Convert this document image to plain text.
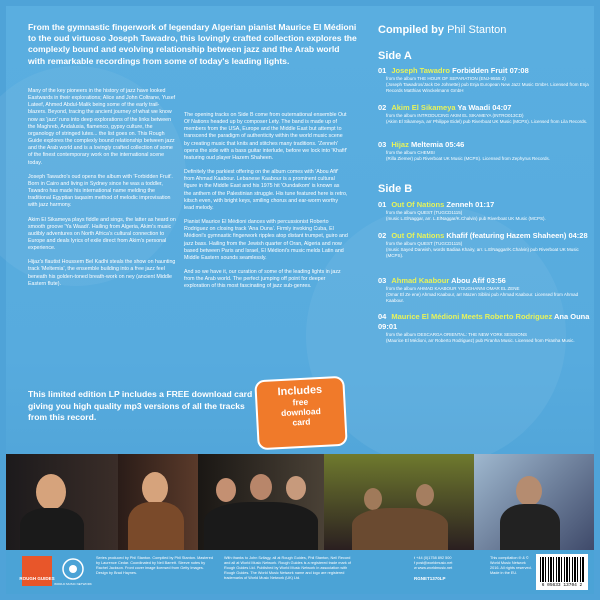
From the gymnastic fingerwork of legendary Algerian pianist Maurice El Médioni to the oud virtuoso Joseph Tawadro, this lovingly crafted collection explores the complexly bound and evolving relationship between jazz and the Arab world with remarkable recordings from some of today's leading lights.
Compiled by Phil Stanton

Many of the key pioneers in the history of jazz have looked Eastwards in their explorations; Alice and John Coltrane, Yusef Lateef, Ahmed Abdul-Malik being some of the early trail-blazers. Beyond, tracing the ancient journey of what we know now as 'jazz' runs into deep explorations of the links between the Maghreb, Andalusia, flamenco, gypsy culture, the organology of stringed lutes... the list goes on. This Rough Guide explores the complexly bound relationship between jazz and the Arab world and is a lovingly crafted collection of some of the finest contemporary work on the international scene today.

Joseph Tawadro's oud opens the album with 'Forbidden Fruit'. Born in Cairo and living in Sydney since he was a toddler, Tawadro has made his international name melding the traditional Egyptian taqasim method of melodic improvisation with jazz harmony.

Akim El Sikameya plays fiddle and sings, the latter as heard on smooth groove 'Ya Waadi'. Hailing from Algeria, Akim's music audibly adventures on North Africa's cultural connection to Europe and deals lyrics of exile direct from Akim's personal experience.

Hijaz's flautist Houssem Bel Kadhi steals the show on haunting track 'Meltemia', the ensemble building into a free jazz feel beneath his golden-toned breath-work on ney (ancient Middle Eastern flute).

The opening tracks on Side B come from outernational ensemble Out Of Nations headed up by composer Lety. The band is made up of members from the USA, Europe and the Middle East but attempt to transcend the paradigm of authenticity within the world music scene by creating music that knits and stitches many traditions. 'Zenneh' opens the side with a bass guitar interlude, before we lock into 'Khafif' featuring oud player Hazem Shaheen.

Definitely the parkiest offering on the album comes with 'Abou Afif' from Ahmad Kaabour. Lebanese Kaabour is a prominent cultural figure in the Middle East and his 1975 hit 'Oundaikom' is known as the anthem of the Palestinian struggle. His tune featured here is retro, kitsch even, with bright keys, smiling chorus and ear-worm worthy lead melody.

Pianist Maurice El Médioni dances with percussionist Roberto Rodriguez on closing track 'Ana Ouna'. Firmly invoking Cuba, El Médioni's gymnastic fingerwork ripples atop distant trumpet, guiro and jazz bass. Hailing from the Jewish quarter of Oran, Algeria and now based between Paris and Israel, El Médioni's music melds Latin and Middle Eastern sounds seamlessly.

And so we have it, our curation of some of the leading lights in jazz from the Arab world. The perfect jumping off point for deeper exploration of this most fascinating of jazz sub-genres.

Side A
Side B
01 Joseph Tawadro Forbidden Fruit 07:08
from the album THE HOUR OF SEPARATION (ENJ-9555 2)
(Joseph Tawadros/Jack De Johnette) pub Enja European New Jazz Music GmbH. Licensed from Enja Records Matthias Winckelmann GmbH
02 Akim El Sikameya Ya Waadi 04:07
from the album INTRODUCING AKIM EL SIKAMEYA (INTRO013CD)
(Akim El Sikameya, arr Philippe Eidel) pub Riverboat UK Music (MCPS). Licensed from Lila Records.
03 Hijaz Meltemia 05:46
from the album CHEMSI
(Rilla Ziemer) pub Riverboat UK Music (MCPS). Licensed from Zephyrus Records.
01 Out Of Nations Zenneh 01:17
from the album QUEST (TUGCD1115)
(music L.ElNaggar, arr. L.ElNaggar/K.Chalvin) pub Riverboat UK Music (MCPS).
02 Out Of Nations Khafif (featuring Hazem Shaheen) 04:28
from the album QUEST (TUGCD1115)
(music Sayed Darwish, words Badiaa Khairy, arr. L.ElNaggar/K.Chalvin) pub Riverboat UK Music (MCPS).
03 Ahmad Kaabour Abou Afif 03:56
from the album AHMAD KAABOUR YOUGHANNI OMAR EL ZENE
(Omar El Ze ene) Ahmad Kaabour, arr Mazen Siblini pub Ahmad Kaabour. Licensed from Ahmad Kaabour.
04 Maurice El Médioni Meets Roberto Rodriguez Ana Ouna 09:01
from the album DESCARGA ORIENTAL: THE NEW YORK SESSIONS
(Maurice El Médioni, arr Roberto Rodriguez) pub Piranha Music. Licensed from Piranha Music.
This limited edition LP includes a FREE download card giving you high quality mp3 versions of all the tracks from this record.
Includes
free
download
card
ROUGH GUIDES
WORLD MUSIC NETWORK
Series produced by Phil Stanton. Compiled by Phil Stanton. Mastered by Laurence Cedar. Coordinated by Neil Barrett. Sleeve notes by Rachel Jackson. Front cover image licensed from Getty Images. Design by Brad Haynes.
With thanks to John Szilagy, all at Rough Guides, Phil Stanton, Neil Record and all at World Music Network. Rough Guides is a registered trade mark of Rough Guides Ltd. Published by World Music Network in association with Rough Guides. The World Music Network name and logo are registered trademarks of World Music Network (UK) Ltd.
t +44 (0)1758 892 500
f post@worldmusic.net
w www.worldmusic.net
RGNET1370LP
This compilation ℗ & © World Music Network 2016. All rights reserved. Made in the EU.
6 05633 13704 2
